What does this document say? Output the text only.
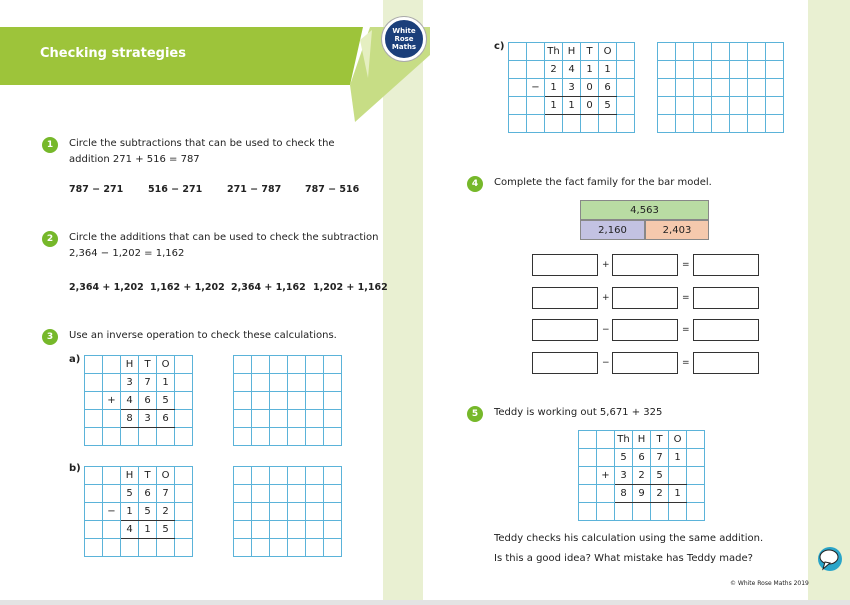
Checking strategies
White
Rose
Maths
1	Circle the subtractions that can be used to check the
addition 271 + 516 = 787
787 − 271	516 − 271	271 − 787	787 − 516
2	Circle the additions that can be used to check the subtraction
2,364 − 1,202 = 1,162
2,364 + 1,202 1,162 + 1,202 2,364 + 1,162 1,202 + 1,162
3	Use an inverse operation to check these calculations.
a)
b)
		H	T	O	
		3	7	1	
	+	4	6	5	
		8	3	6	

		H	T	O	
		5	6	7	
	−	1	5	2	
		4	1	5	

c)
			Th	H	T	O	
		2	4	1	1	
	−	1	3	0	6	
		1	1	0	5	

4	Complete the fact family for the bar model.
4,563
2,160	2,403
+	=
+	=
−	=
−	=
5	Teddy is working out 5,671 + 325
		Th	H	T	O	
		5	6	7	1	
	+	3	2	5		
		8	9	2	1	

Teddy checks his calculation using the same addition.
Is this a good idea? What mistake has Teddy made?
© White Rose Maths 2019
